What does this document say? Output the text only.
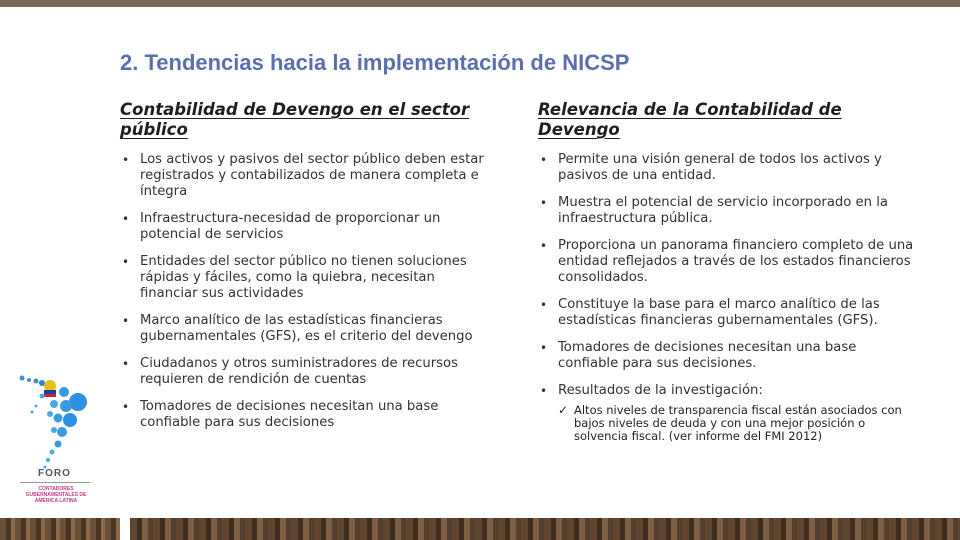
2. Tendencias hacia la implementación de NICSP
Contabilidad de Devengo en el sector público
• Los activos y pasivos del sector público deben estar registrados y contabilizados de manera completa e íntegra
• Infraestructura-necesidad de proporcionar un potencial de servicios
• Entidades del sector público no tienen soluciones rápidas y fáciles, como la quiebra, necesitan financiar sus actividades
• Marco analítico de las estadísticas financieras gubernamentales (GFS), es el criterio del devengo
• Ciudadanos y otros suministradores de recursos requieren de rendición de cuentas
• Tomadores de decisiones necesitan una base confiable para sus decisiones
Relevancia de la Contabilidad de Devengo
• Permite una visión general de todos los activos y pasivos de una entidad.
• Muestra el potencial de servicio incorporado en la infraestructura pública.
• Proporciona un panorama financiero completo de una entidad reflejados a través de los estados financieros consolidados.
• Constituye la base para el marco analítico de las estadísticas financieras gubernamentales (GFS).
• Tomadores de decisiones necesitan una base confiable para sus decisiones.
• Resultados de la investigación:
✓ Altos niveles de transparencia fiscal están asociados con bajos niveles de deuda y con una mejor posición o solvencia fiscal. (ver informe del FMI 2012)
FORO
CONTADORES GUBERNAMENTALES DE AMERICA LATINA
